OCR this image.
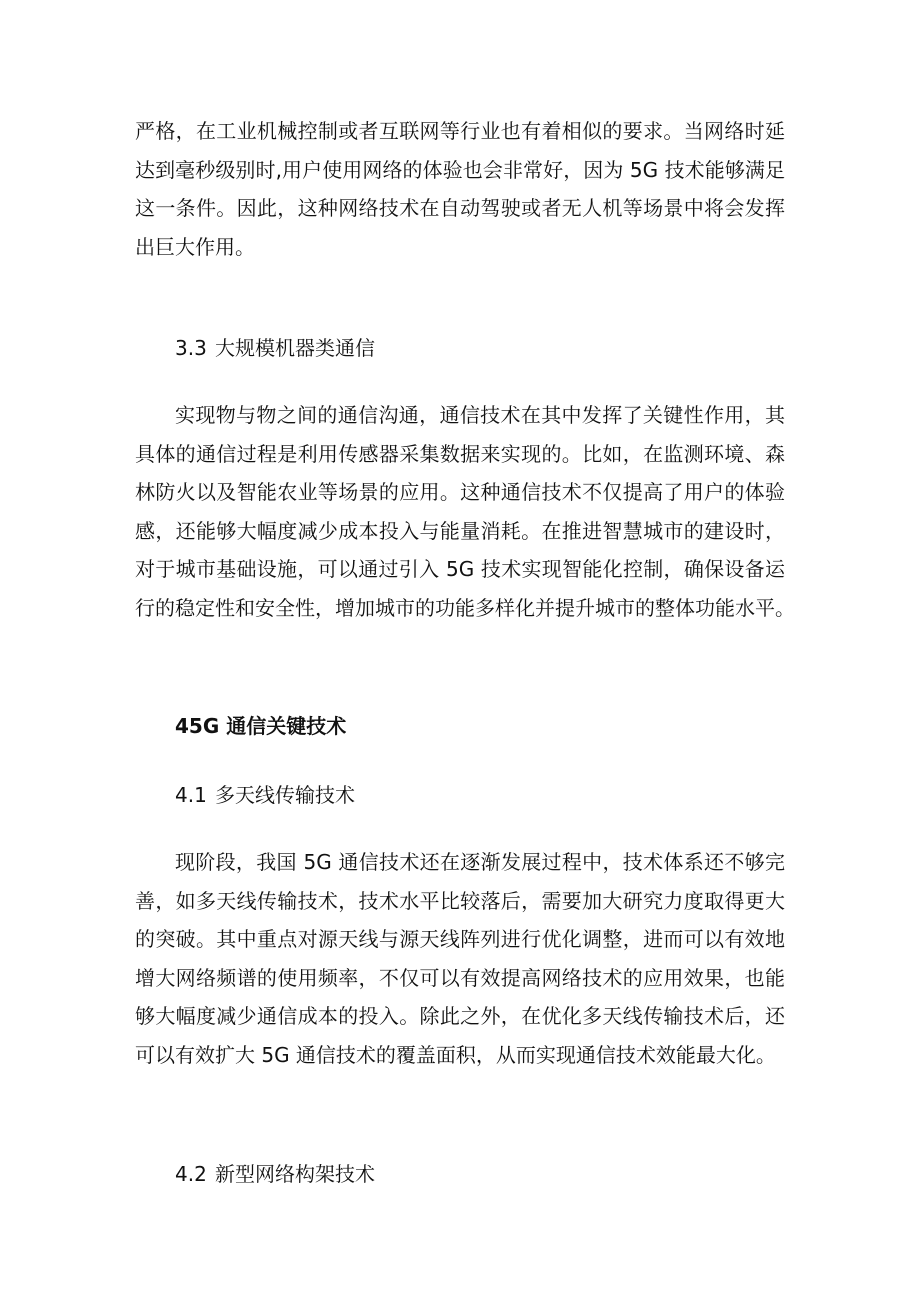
严格，在工业机械控制或者互联网等行业也有着相似的要求。当网络时延
达到毫秒级别时,用户使用网络的体验也会非常好，因为 5G 技术能够满足
这一条件。因此，这种网络技术在自动驾驶或者无人机等场景中将会发挥
出巨大作用。

3.3 大规模机器类通信

实现物与物之间的通信沟通，通信技术在其中发挥了关键性作用，其
具体的通信过程是利用传感器采集数据来实现的。比如，在监测环境、森
林防火以及智能农业等场景的应用。这种通信技术不仅提高了用户的体验
感，还能够大幅度减少成本投入与能量消耗。在推进智慧城市的建设时，
对于城市基础设施，可以通过引入 5G 技术实现智能化控制，确保设备运
行的稳定性和安全性，增加城市的功能多样化并提升城市的整体功能水平。

45G 通信关键技术
4.1 多天线传输技术

现阶段，我国 5G 通信技术还在逐渐发展过程中，技术体系还不够完
善，如多天线传输技术，技术水平比较落后，需要加大研究力度取得更大
的突破。其中重点对源天线与源天线阵列进行优化调整，进而可以有效地
增大网络频谱的使用频率，不仅可以有效提高网络技术的应用效果，也能
够大幅度减少通信成本的投入。除此之外，在优化多天线传输技术后，还
可以有效扩大 5G 通信技术的覆盖面积，从而实现通信技术效能最大化。

4.2 新型网络构架技术
